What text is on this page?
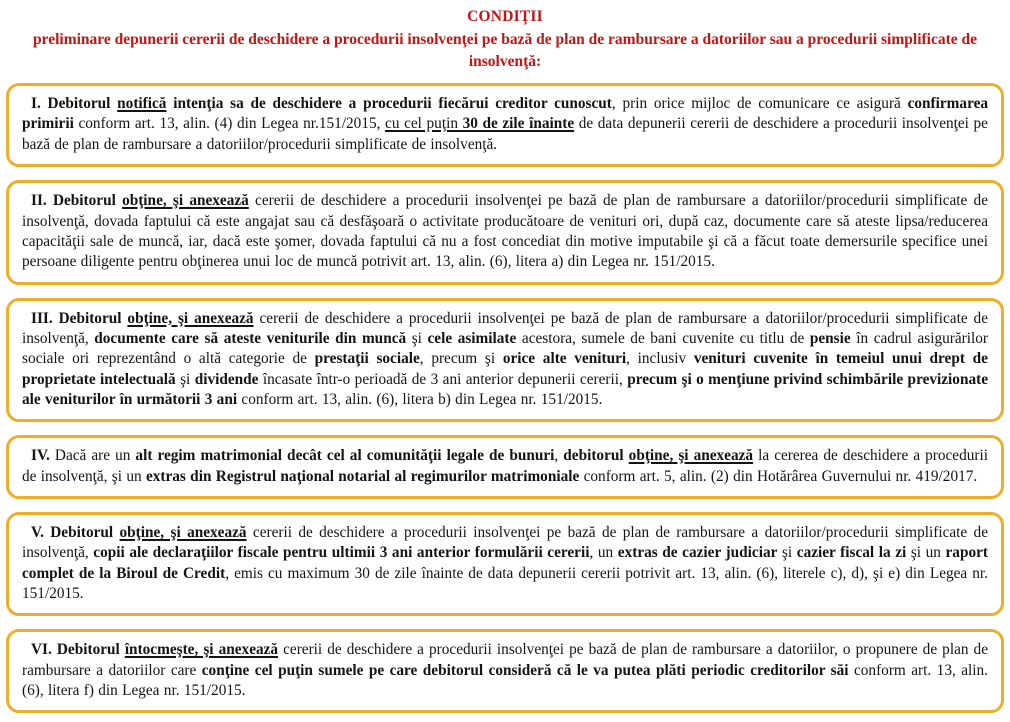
CONDIŢII
preliminare depunerii cererii de deschidere a procedurii insolvenţei pe bază de plan de rambursare a datoriilor sau a procedurii simplificate de insolvenţă:

I. Debitorul notifică intenţia sa de deschidere a procedurii fiecărui creditor cunoscut, prin orice mijloc de comunicare ce asigură confirmarea primirii conform art. 13, alin. (4) din Legea nr.151/2015, cu cel puţin 30 de zile înainte de data depunerii cererii de deschidere a procedurii insolvenţei pe bază de plan de rambursare a datoriilor/procedurii simplificate de insolvenţă.

II. Debitorul obţine, şi anexează cererii de deschidere a procedurii insolvenţei pe bază de plan de rambursare a datoriilor/procedurii simplificate de insolvenţă, dovada faptului că este angajat sau că desfăşoară o activitate producătoare de venituri ori, după caz, documente care să ateste lipsa/reducerea capacităţii sale de muncă, iar, dacă este şomer, dovada faptului că nu a fost concediat din motive imputabile şi că a făcut toate demersurile specifice unei persoane diligente pentru obţinerea unui loc de muncă potrivit art. 13, alin. (6), litera a) din Legea nr. 151/2015.

III. Debitorul obţine, şi anexează cererii de deschidere a procedurii insolvenţei pe bază de plan de rambursare a datoriilor/procedurii simplificate de insolvenţă, documente care să ateste veniturile din muncă şi cele asimilate acestora, sumele de bani cuvenite cu titlu de pensie în cadrul asigurărilor sociale ori reprezentând o altă categorie de prestaţii sociale, precum şi orice alte venituri, inclusiv venituri cuvenite în temeiul unui drept de proprietate intelectuală şi dividende încasate într-o perioadă de 3 ani anterior depunerii cererii, precum şi o menţiune privind schimbările previzionate ale veniturilor în următorii 3 ani conform art. 13, alin. (6), litera b) din Legea nr. 151/2015.

IV. Dacă are un alt regim matrimonial decât cel al comunităţii legale de bunuri, debitorul obţine, şi anexează la cererea de deschidere a procedurii de insolvenţă, şi un extras din Registrul naţional notarial al regimurilor matrimoniale conform art. 5, alin. (2) din Hotărârea Guvernului nr. 419/2017.

V. Debitorul obţine, şi anexează cererii de deschidere a procedurii insolvenţei pe bază de plan de rambursare a datoriilor/procedurii simplificate de insolvenţă, copii ale declaraţiilor fiscale pentru ultimii 3 ani anterior formulării cererii, un extras de cazier judiciar şi cazier fiscal la zi şi un raport complet de la Biroul de Credit, emis cu maximum 30 de zile înainte de data depunerii cererii potrivit art. 13, alin. (6), literele c), d), şi e) din Legea nr. 151/2015.

VI. Debitorul întocmeşte, şi anexează cererii de deschidere a procedurii insolvenţei pe bază de plan de rambursare a datoriilor, o propunere de plan de rambursare a datoriilor care conţine cel puţin sumele pe care debitorul consideră că le va putea plăti periodic creditorilor săi conform art. 13, alin. (6), litera f) din Legea nr. 151/2015.
